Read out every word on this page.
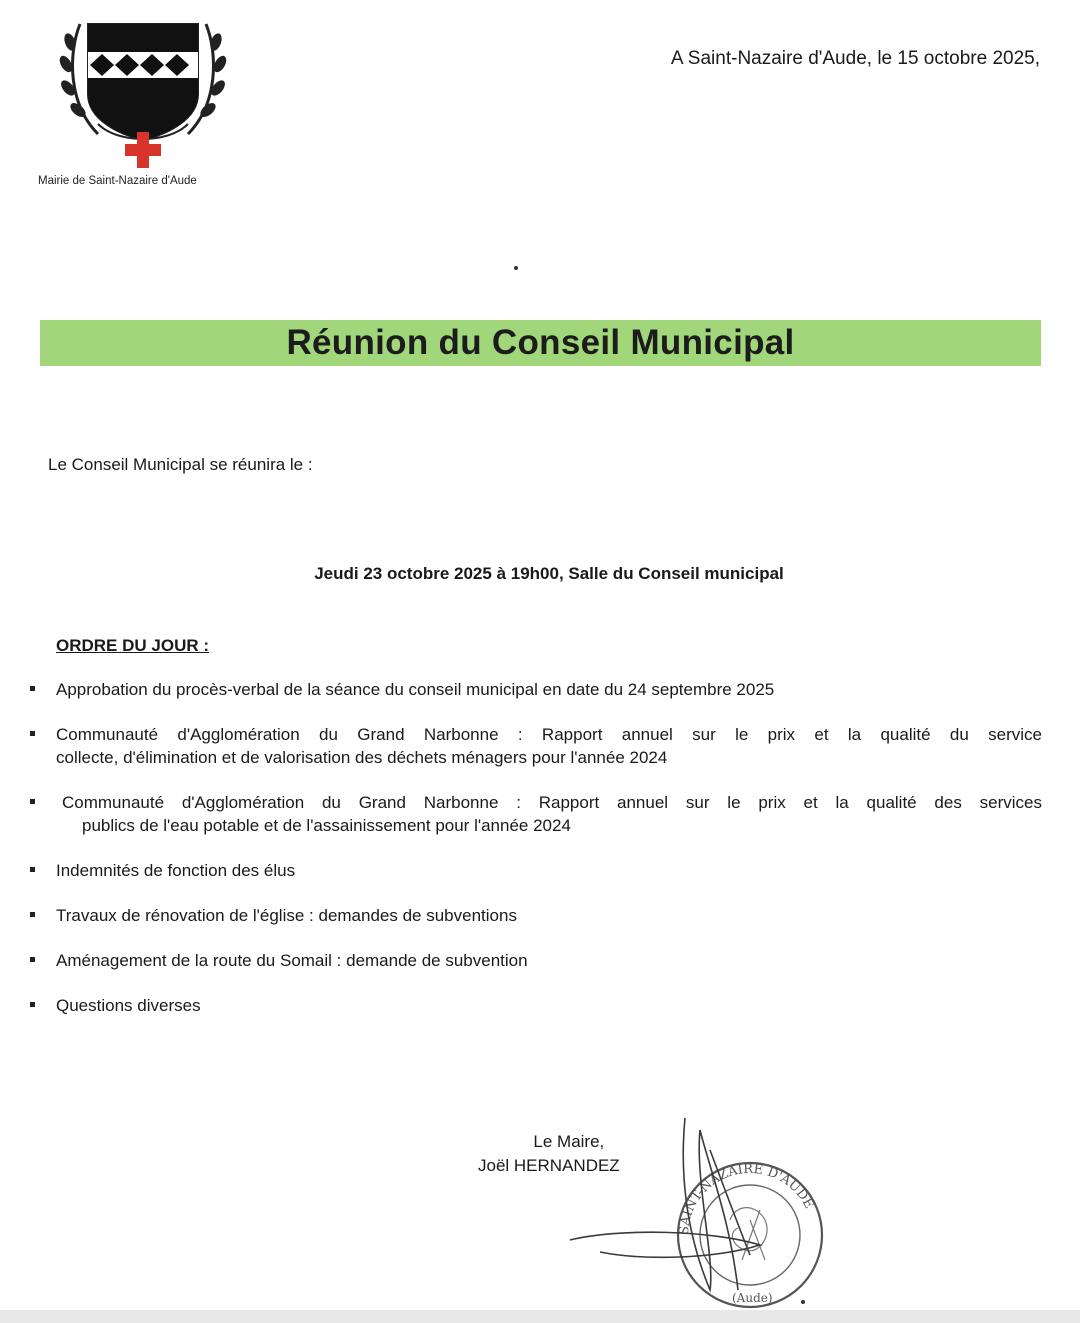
Mairie de Saint-Nazaire d'Aude
A Saint-Nazaire d'Aude, le 15 octobre 2025,
Réunion du Conseil Municipal
Le Conseil Municipal se réunira le :
Jeudi 23 octobre 2025 à 19h00, Salle du Conseil municipal
ORDRE DU JOUR :
Approbation du procès-verbal de la séance du conseil municipal en date du 24 septembre 2025
Communauté d'Agglomération du Grand Narbonne : Rapport annuel sur le prix et la qualité du service
collecte, d'élimination et de valorisation des déchets ménagers pour l'année 2024
Communauté d'Agglomération du Grand Narbonne : Rapport annuel sur le prix et la qualité des services
publics de l'eau potable et de l'assainissement pour l'année 2024
Indemnités de fonction des élus
Travaux de rénovation de l'église : demandes de subventions
Aménagement de la route du Somail : demande de subvention
Questions diverses
Le Maire,
Joël HERNANDEZ
SAINT-NAZAIRE D'AUDE
(Aude)
